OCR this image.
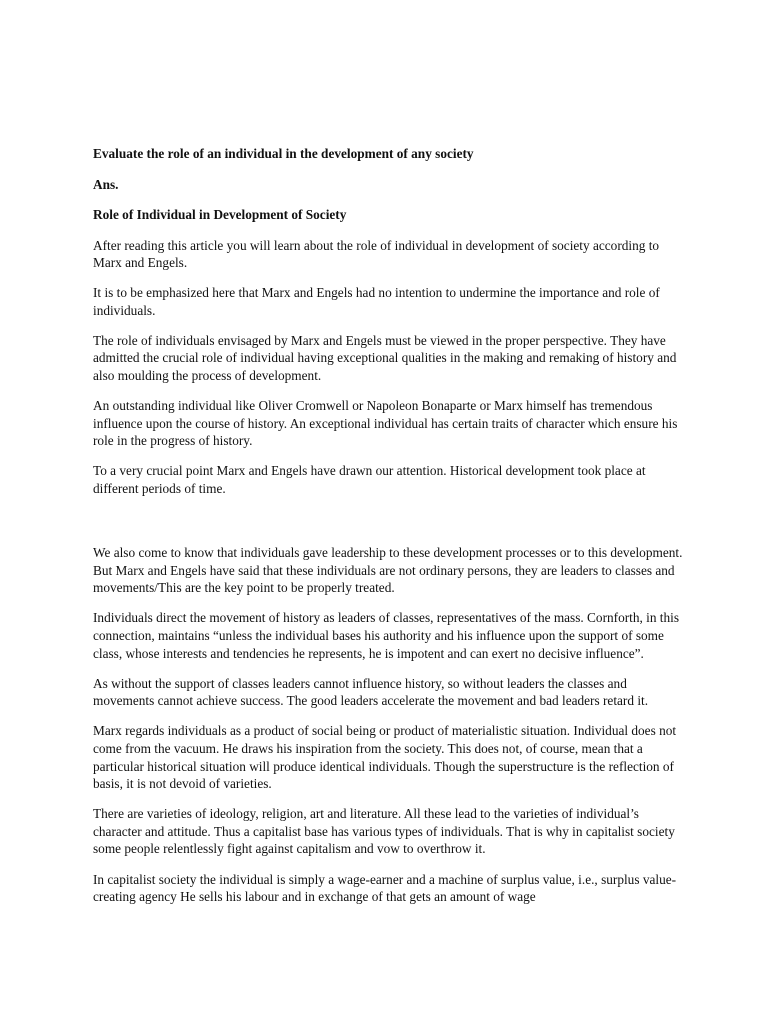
Evaluate the role of an individual in the development of any society

Ans.

Role of Individual in Development of Society

After reading this article you will learn about the role of individual in development of society according to Marx and Engels.

It is to be emphasized here that Marx and Engels had no intention to undermine the importance and role of individuals.

The role of individuals envisaged by Marx and Engels must be viewed in the proper perspective. They have admitted the crucial role of individual having exceptional qualities in the making and remaking of history and also moulding the process of development.

An outstanding individual like Oliver Cromwell or Napoleon Bonaparte or Marx himself has tremendous influence upon the course of history. An exceptional individual has certain traits of character which ensure his role in the progress of history.

To a very crucial point Marx and Engels have drawn our attention. Historical development took place at different periods of time.

We also come to know that individuals gave leadership to these development processes or to this development. But Marx and Engels have said that these individuals are not ordinary persons, they are leaders to classes and movements/This are the key point to be properly treated.

Individuals direct the movement of history as leaders of classes, representatives of the mass. Cornforth, in this connection, maintains “unless the individual bases his authority and his influence upon the support of some class, whose interests and tendencies he represents, he is impotent and can exert no decisive influence”.

As without the support of classes leaders cannot influence history, so without leaders the classes and movements cannot achieve success. The good leaders accelerate the movement and bad leaders retard it.

Marx regards individuals as a product of social being or product of materialistic situation. Individual does not come from the vacuum. He draws his inspiration from the society. This does not, of course, mean that a particular historical situation will produce identical individuals. Though the superstructure is the reflection of basis, it is not devoid of varieties.

There are varieties of ideology, religion, art and literature. All these lead to the varieties of individual’s character and attitude. Thus a capitalist base has various types of individuals. That is why in capitalist society some people relentlessly fight against capitalism and vow to overthrow it.

In capitalist society the individual is simply a wage-earner and a machine of surplus value, i.e., surplus value-creating agency He sells his labour and in exchange of that gets an amount of wage
